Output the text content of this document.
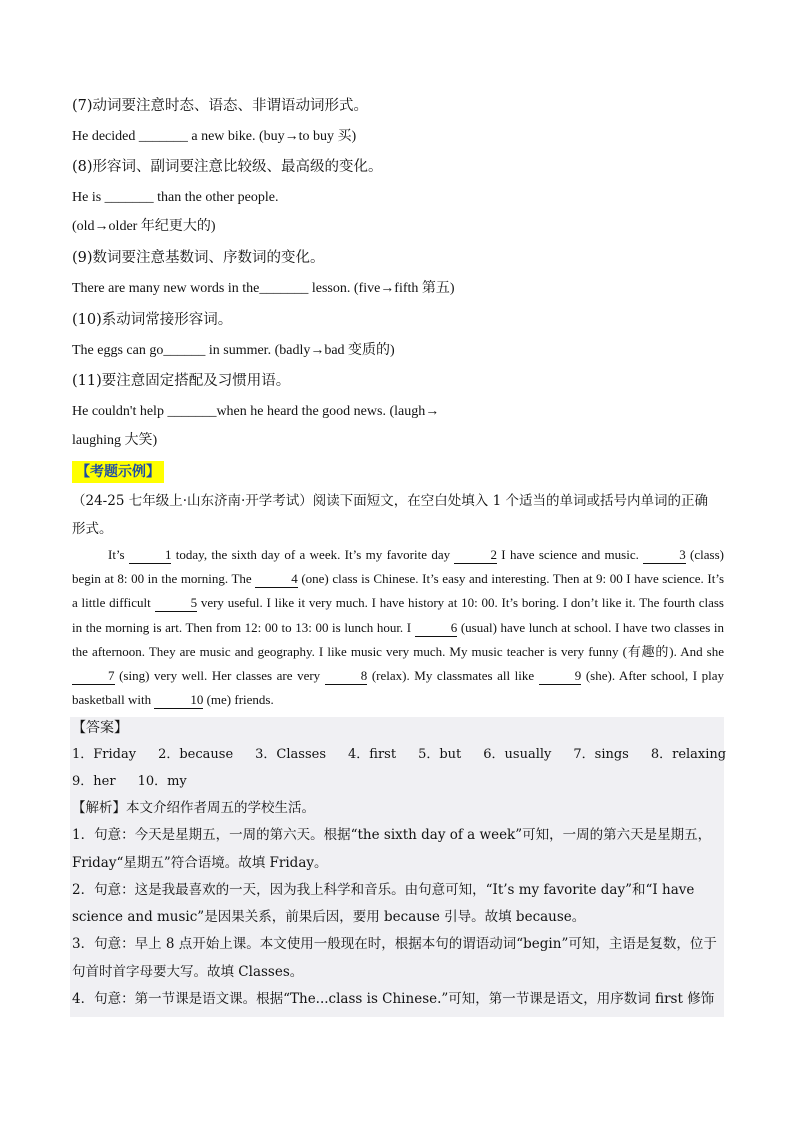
(7)动词要注意时态、语态、非谓语动词形式。
He decided _______ a new bike. (buy→to buy 买)
(8)形容词、副词要注意比较级、最高级的变化。
He is _______ than the other people.
(old→older 年纪更大的)
(9)数词要注意基数词、序数词的变化。
There are many new words in the_______ lesson. (five→fifth 第五)
(10)系动词常接形容词。
The eggs can go______ in summer. (badly→bad 变质的)
(11)要注意固定搭配及习惯用语。
He couldn't help _______when he heard the good news. (laugh→
laughing 大笑)
【考题示例】
（24-25 七年级上·山东济南·开学考试）阅读下面短文，在空白处填入 1 个适当的单词或括号内单词的正确
形式。

It’s	1 today, the sixth day of a week. It’s my favorite day	2 I have science and music.	3 (class) begin at 8: 00 in the morning. The	4 (one) class is Chinese. It’s easy and interesting. Then at 9: 00 I have science. It’s a little difficult	5 very useful. I like it very much. I have history at 10: 00. It’s boring. I don’t like it. The fourth class in the morning is art. Then from 12: 00 to 13: 00 is lunch hour. I	6 (usual) have lunch at school. I have two classes in the afternoon. They are music and geography. I like music very much. My music teacher is very funny (有趣的). And she 7 (sing) very well. Her classes are very	8 (relax). My classmates all like	9 (she). After school, I play basketball with	10 (me) friends.

【答案】
1．Friday 2．because 3．Classes 4．first 5．but 6．usually 7．sings 8．relaxing
9．her 10．my

【解析】本文介绍作者周五的学校生活。

1．句意：今天是星期五，一周的第六天。根据“the sixth day of a week”可知，一周的第六天是星期五，Friday“星期五”符合语境。故填 Friday。

2．句意：这是我最喜欢的一天，因为我上科学和音乐。由句意可知，“It’s my favorite day”和“I have science and music”是因果关系，前果后因，要用 because 引导。故填 because。

3．句意：早上 8 点开始上课。本文使用一般现在时，根据本句的谓语动词“begin”可知，主语是复数，位于句首时首字母要大写。故填 Classes。

4．句意：第一节课是语文课。根据“The...class is Chinese.”可知，第一节课是语文，用序数词 first 修饰
